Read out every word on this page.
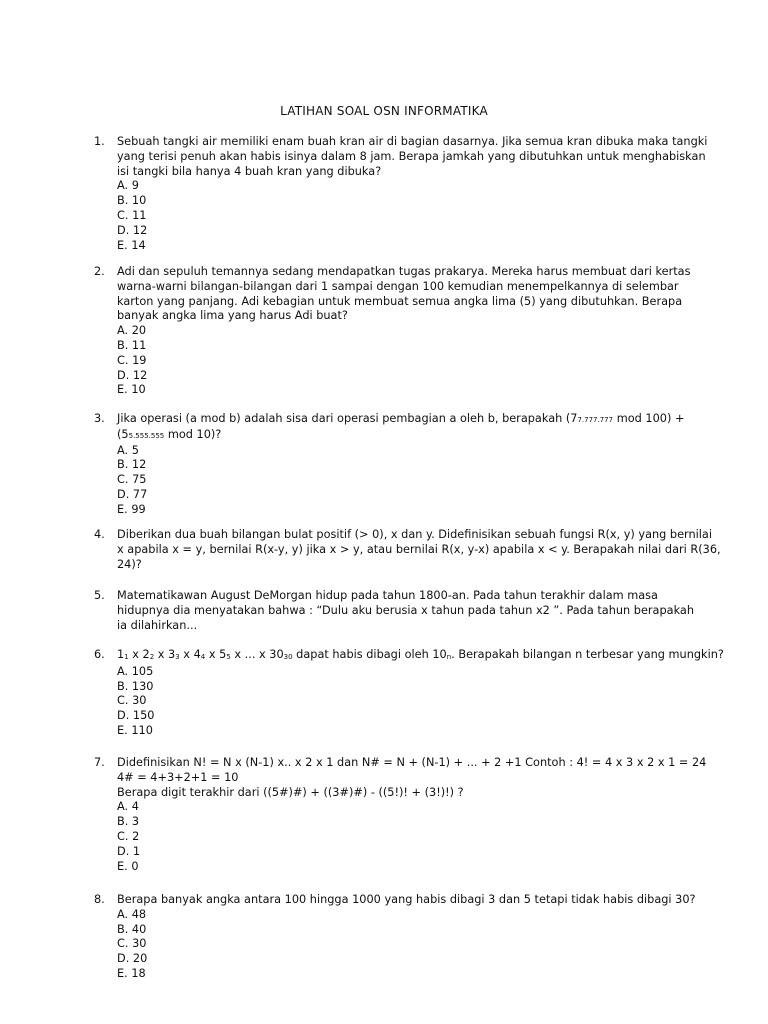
LATIHAN SOAL OSN INFORMATIKA
1.	Sebuah tangki air memiliki enam buah kran air di bagian dasarnya. Jika semua kran dibuka maka tangki
yang terisi penuh akan habis isinya dalam 8 jam. Berapa jamkah yang dibutuhkan untuk menghabiskan
isi tangki bila hanya 4 buah kran yang dibuka?
A. 9
B. 10
C. 11
D. 12
E. 14
2.	Adi dan sepuluh temannya sedang mendapatkan tugas prakarya. Mereka harus membuat dari kertas
warna-warni bilangan-bilangan dari 1 sampai dengan 100 kemudian menempelkannya di selembar
karton yang panjang. Adi kebagian untuk membuat semua angka lima (5) yang dibutuhkan. Berapa
banyak angka lima yang harus Adi buat?
A. 20
B. 11
C. 19
D. 12
E. 10
3.	Jika operasi (a mod b) adalah sisa dari operasi pembagian a oleh b, berapakah (77.777.777 mod 100) +
(55.555.555 mod 10)?
A. 5
B. 12
C. 75
D. 77
E. 99
4.	Diberikan dua buah bilangan bulat positif (> 0), x dan y. Didefinisikan sebuah fungsi R(x, y) yang bernilai
x apabila x = y, bernilai R(x-y, y) jika x > y, atau bernilai R(x, y-x) apabila x < y. Berapakah nilai dari R(36,
24)?
5.	Matematikawan August DeMorgan hidup pada tahun 1800-an. Pada tahun terakhir dalam masa
hidupnya dia menyatakan bahwa : “Dulu aku berusia x tahun pada tahun x2 ”. Pada tahun berapakah
ia dilahirkan...
6.	11 x 22 x 33 x 44 x 55 x ... x 3030 dapat habis dibagi oleh 10n. Berapakah bilangan n terbesar yang mungkin?
A. 105
B. 130
C. 30
D. 150
E. 110
7.	Didefinisikan N! = N x (N-1) x.. x 2 x 1 dan N# = N + (N-1) + ... + 2 +1 Contoh : 4! = 4 x 3 x 2 x 1 = 24
4# = 4+3+2+1 = 10
Berapa digit terakhir dari ((5#)#) + ((3#)#) - ((5!)! + (3!)!) ?
A. 4
B. 3
C. 2
D. 1
E. 0
8.	Berapa banyak angka antara 100 hingga 1000 yang habis dibagi 3 dan 5 tetapi tidak habis dibagi 30?
A. 48
B. 40
C. 30
D. 20
E. 18
